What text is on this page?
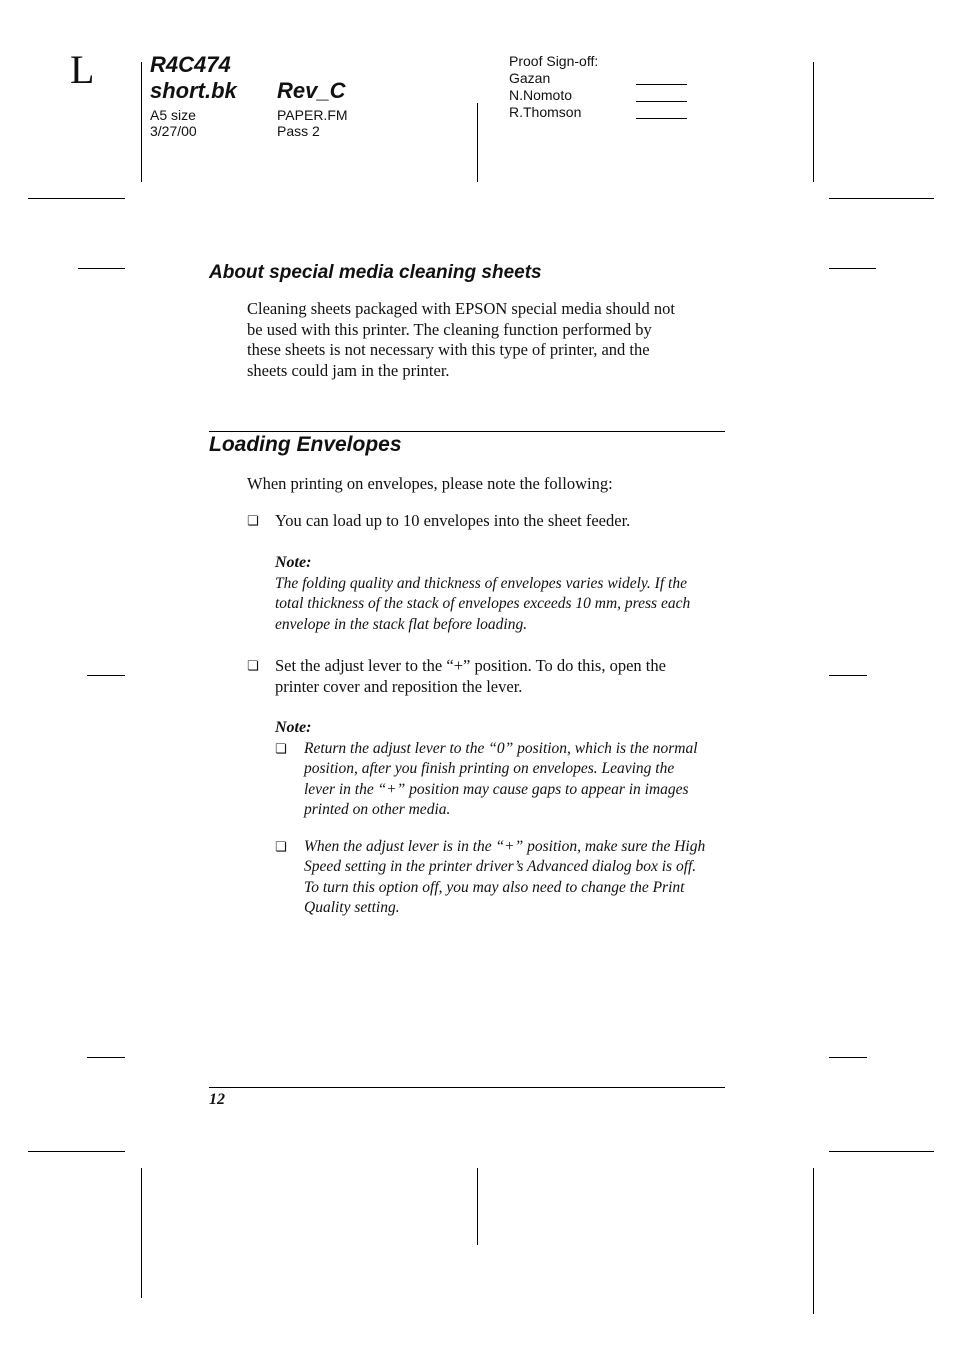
L	R4C474
short.bk Rev_C
A5 size
3/27/00
PAPER.FM
Pass 2
Proof Sign-off:
Gazan
N.Nomoto
R.Thomson
About special media cleaning sheets

Cleaning sheets packaged with EPSON special media should not

be used with this printer. The cleaning function performed by

these sheets is not necessary with this type of printer, and the

sheets could jam in the printer.

Loading Envelopes
When printing on envelopes, please note the following:
❏ You can load up to 10 envelopes into the sheet feeder.
Note:

The folding quality and thickness of envelopes varies widely. If the

total thickness of the stack of envelopes exceeds 10 mm, press each

envelope in the stack flat before loading.

❏ Set the adjust lever to the “+” position. To do this, open the

printer cover and reposition the lever.

Note:
❏ Return the adjust lever to the “0” position, which is the normal

position, after you finish printing on envelopes. Leaving the

lever in the “+” position may cause gaps to appear in images

printed on other media.

❏ When the adjust lever is in the “+” position, make sure the High

Speed setting in the printer driver’s Advanced dialog box is off.

To turn this option off, you may also need to change the Print

Quality setting.

12
